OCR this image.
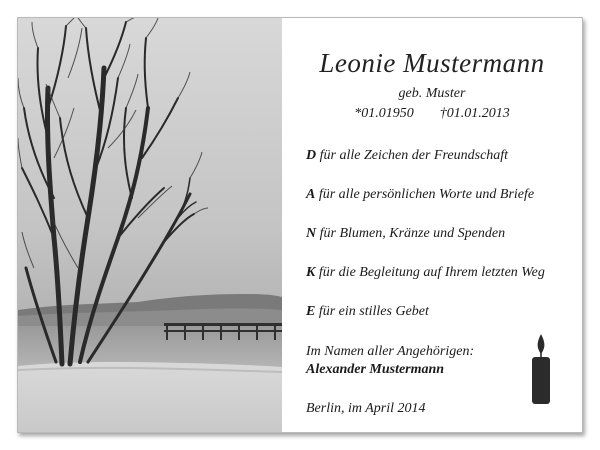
Leonie Mustermann
geb. Muster
*01.01950 †01.01.2013
D für alle Zeichen der Freundschaft
A für alle persönlichen Worte und Briefe
N für Blumen, Kränze und Spenden
K für die Begleitung auf Ihrem letzten Weg
E für ein stilles Gebet
Im Namen aller Angehörigen:
Alexander Mustermann
Berlin, im April 2014
